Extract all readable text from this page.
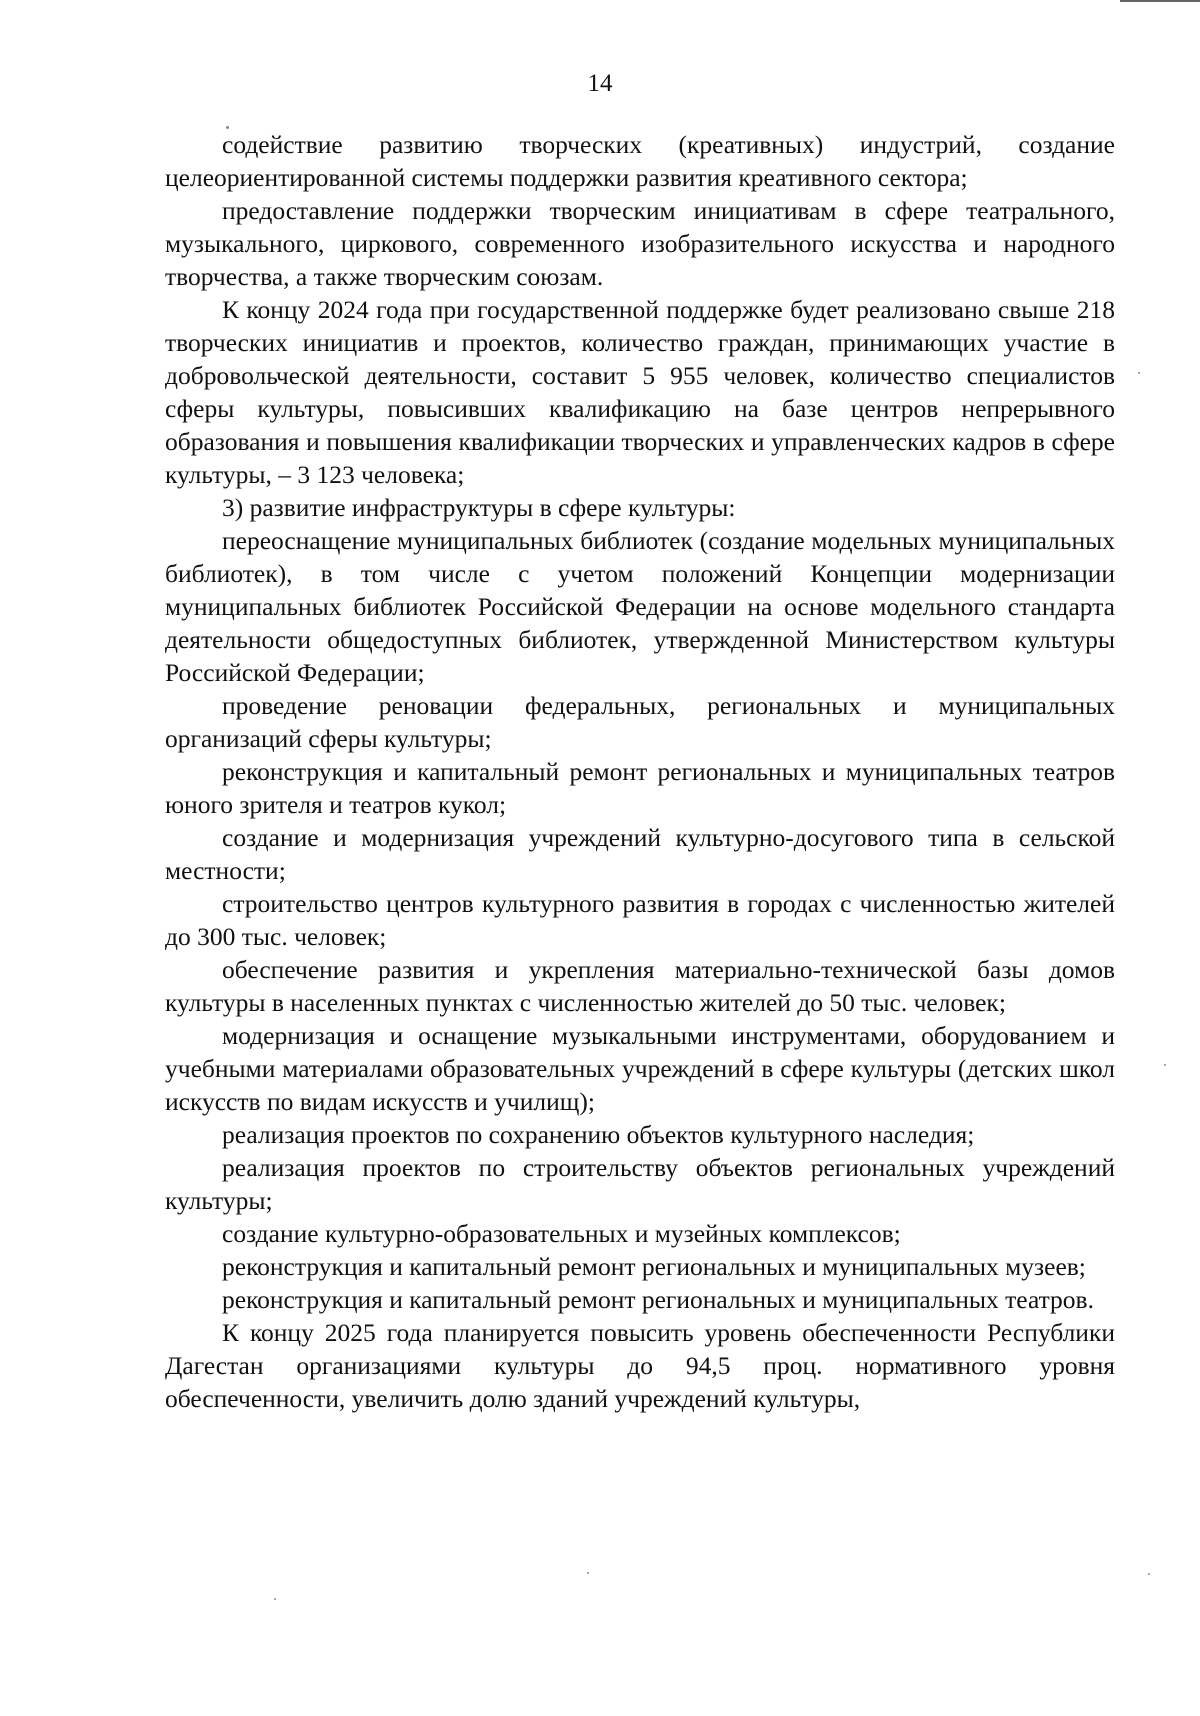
14

содействие развитию творческих (креативных) индустрий, создание целеориентированной системы поддержки развития креативного сектора;

предоставление поддержки творческим инициативам в сфере театрального, музыкального, циркового, современного изобразительного искусства и народного творчества, а также творческим союзам.

К концу 2024 года при государственной поддержке будет реализовано свыше 218 творческих инициатив и проектов, количество граждан, принимающих участие в добровольческой деятельности, составит 5 955 человек, количество специалистов сферы культуры, повысивших квалификацию на базе центров непрерывного образования и повышения квалификации творческих и управленческих кадров в сфере культуры, – 3 123 человека;

3) развитие инфраструктуры в сфере культуры:

переоснащение муниципальных библиотек (создание модельных муниципальных библиотек), в том числе с учетом положений Концепции модернизации муниципальных библиотек Российской Федерации на основе модельного стандарта деятельности общедоступных библиотек, утвержденной Министерством культуры Российской Федерации;

проведение реновации федеральных, региональных и муниципальных организаций сферы культуры;

реконструкция и капитальный ремонт региональных и муниципальных театров юного зрителя и театров кукол;

создание и модернизация учреждений культурно-досугового типа в сельской местности;

строительство центров культурного развития в городах с численностью жителей до 300 тыс. человек;

обеспечение развития и укрепления материально-технической базы домов культуры в населенных пунктах с численностью жителей до 50 тыс. человек;

модернизация и оснащение музыкальными инструментами, оборудованием и учебными материалами образовательных учреждений в сфере культуры (детских школ искусств по видам искусств и училищ);

реализация проектов по сохранению объектов культурного наследия;

реализация проектов по строительству объектов региональных учреждений культуры;

создание культурно-образовательных и музейных комплексов;

реконструкция и капитальный ремонт региональных и муниципальных музеев;

реконструкция и капитальный ремонт региональных и муниципальных театров.

К концу 2025 года планируется повысить уровень обеспеченности Республики Дагестан организациями культуры до 94,5 проц. нормативного уровня обеспеченности, увеличить долю зданий учреждений культуры,
